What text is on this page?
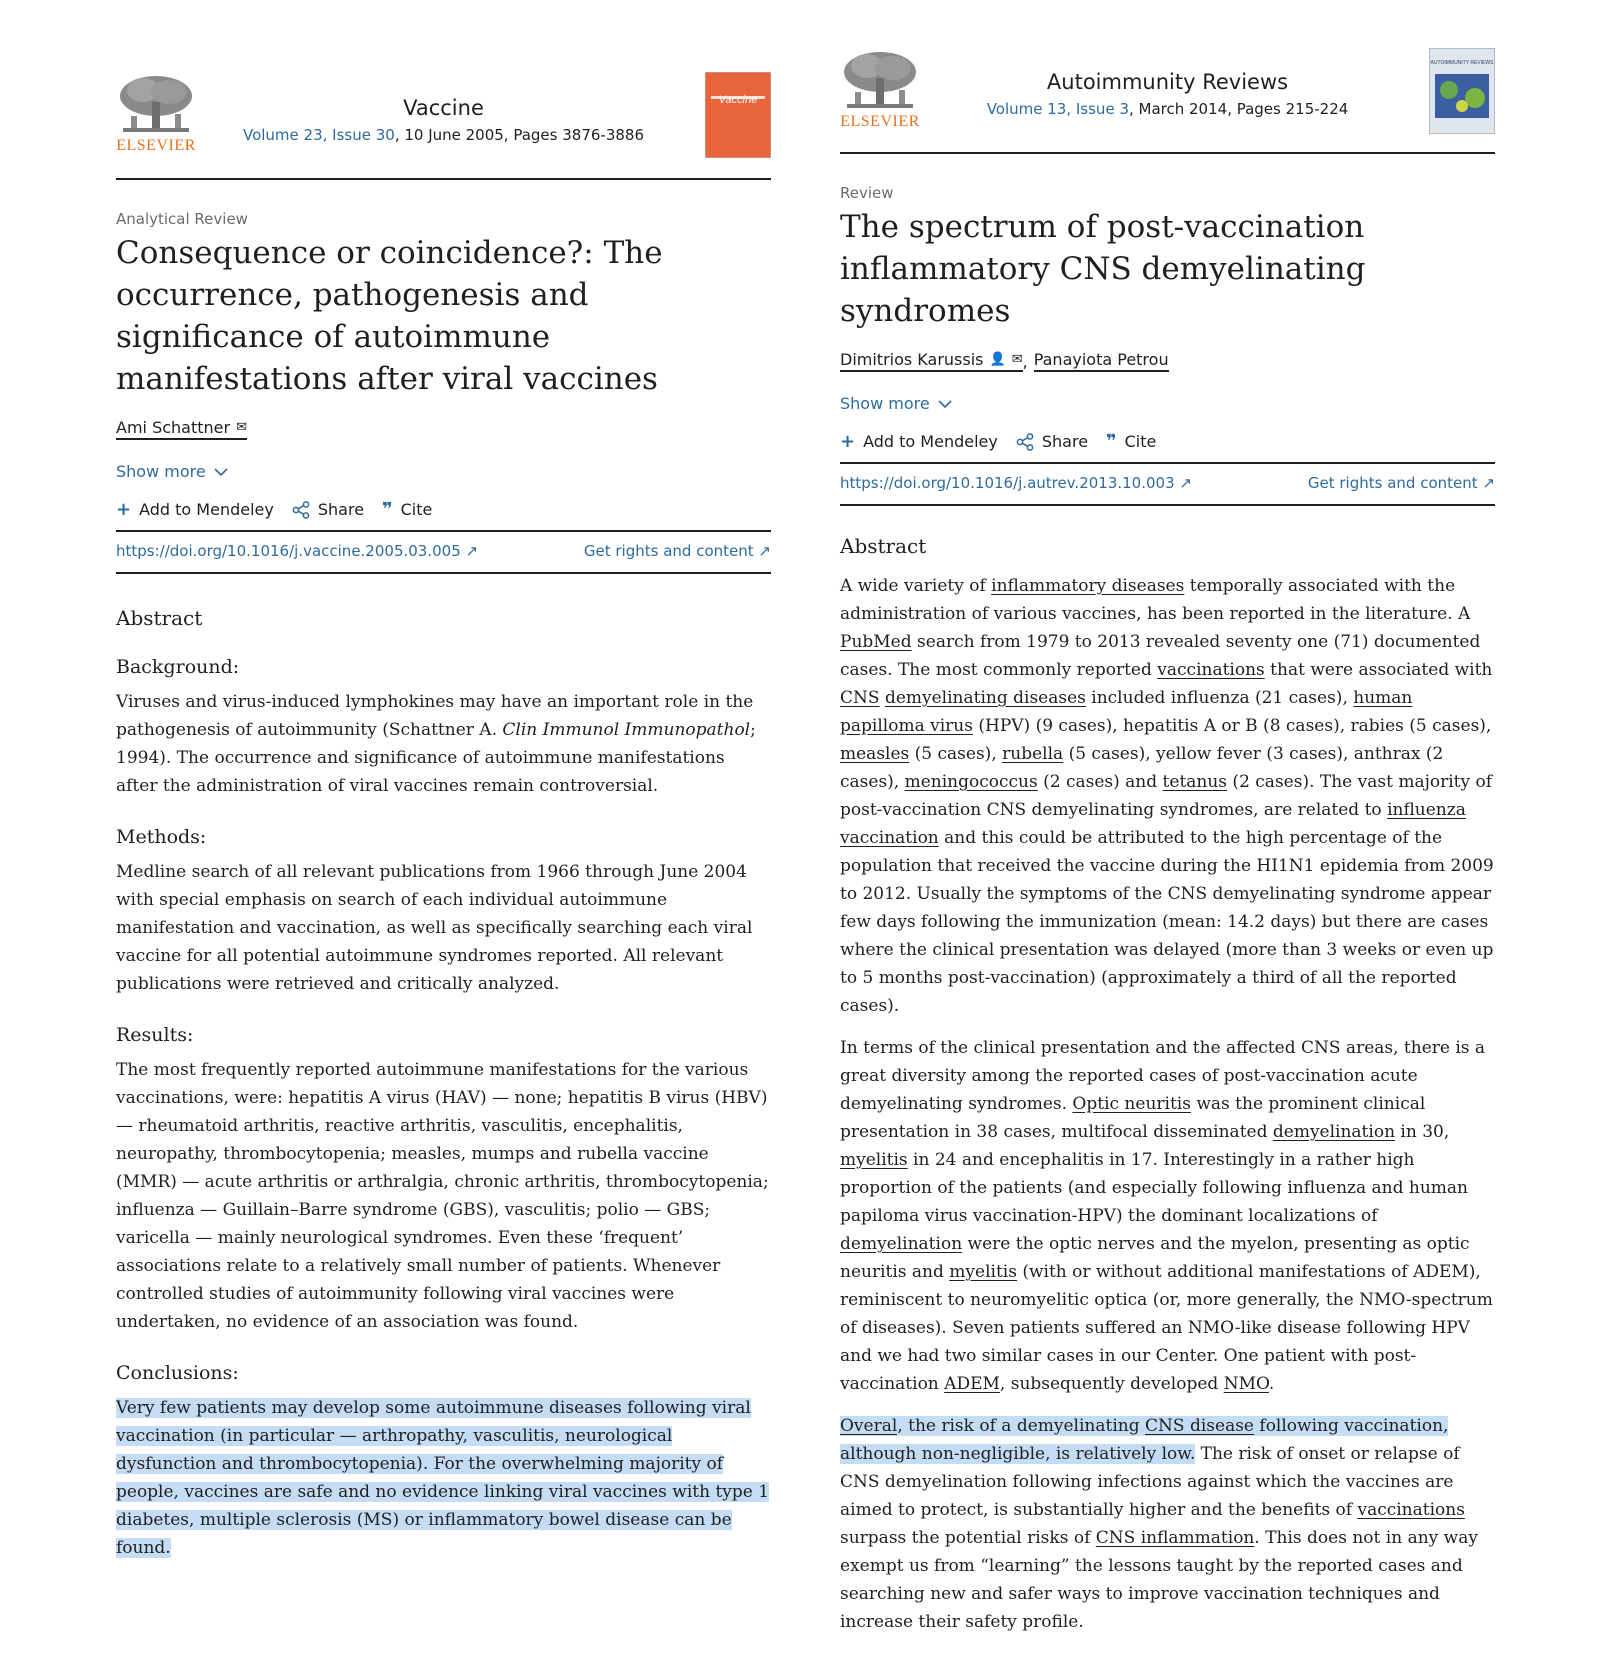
ELSEVIER
Vaccine
Volume 23, Issue 30, 10 June 2005, Pages 3876-3886
Vaccine
Analytical Review
Consequence or coincidence?: The occurrence, pathogenesis and significance of autoimmune manifestations after viral vaccines
Ami Schattner ✉
Show more
+ Add to Mendeley	Share ❞ Cite
https://doi.org/10.1016/j.vaccine.2005.03.005 ↗	Get rights and content ↗
Abstract
Background:

Viruses and virus-induced lymphokines may have an important role in the pathogenesis of autoimmunity (Schattner A. Clin Immunol Immunopathol; 1994). The occurrence and significance of autoimmune manifestations after the administration of viral vaccines remain controversial.

Methods:

Medline search of all relevant publications from 1966 through June 2004 with special emphasis on search of each individual autoimmune manifestation and vaccination, as well as specifically searching each viral vaccine for all potential autoimmune syndromes reported. All relevant publications were retrieved and critically analyzed.

Results:

The most frequently reported autoimmune manifestations for the various vaccinations, were: hepatitis A virus (HAV) — none; hepatitis B virus (HBV) — rheumatoid arthritis, reactive arthritis, vasculitis, encephalitis, neuropathy, thrombocytopenia; measles, mumps and rubella vaccine (MMR) — acute arthritis or arthralgia, chronic arthritis, thrombocytopenia; influenza — Guillain–Barre syndrome (GBS), vasculitis; polio — GBS; varicella — mainly neurological syndromes. Even these ‘frequent’ associations relate to a relatively small number of patients. Whenever controlled studies of autoimmunity following viral vaccines were undertaken, no evidence of an association was found.

Conclusions:

Very few patients may develop some autoimmune diseases following viral vaccination (in particular — arthropathy, vasculitis, neurological dysfunction and thrombocytopenia). For the overwhelming majority of people, vaccines are safe and no evidence linking viral vaccines with type 1 diabetes, multiple sclerosis (MS) or inflammatory bowel disease can be found.

ELSEVIER
Autoimmunity Reviews
Volume 13, Issue 3, March 2014, Pages 215-224
AUTOIMMUNITY REVIEWS
Review
The spectrum of post-vaccination inflammatory CNS demyelinating syndromes
Dimitrios Karussis 👤 ✉ , Panayiota Petrou
Show more
+ Add to Mendeley	Share ❞ Cite
https://doi.org/10.1016/j.autrev.2013.10.003 ↗	Get rights and content ↗
Abstract

A wide variety of inflammatory diseases temporally associated with the administration of various vaccines, has been reported in the literature. A PubMed search from 1979 to 2013 revealed seventy one (71) documented cases. The most commonly reported vaccinations that were associated with CNS demyelinating diseases included influenza (21 cases), human papilloma virus (HPV) (9 cases), hepatitis A or B (8 cases), rabies (5 cases), measles (5 cases), rubella (5 cases), yellow fever (3 cases), anthrax (2 cases), meningococcus (2 cases) and tetanus (2 cases). The vast majority of post-vaccination CNS demyelinating syndromes, are related to influenza vaccination and this could be attributed to the high percentage of the population that received the vaccine during the HI1N1 epidemia from 2009 to 2012. Usually the symptoms of the CNS demyelinating syndrome appear few days following the immunization (mean: 14.2 days) but there are cases where the clinical presentation was delayed (more than 3 weeks or even up to 5 months post-vaccination) (approximately a third of all the reported cases).

In terms of the clinical presentation and the affected CNS areas, there is a great diversity among the reported cases of post-vaccination acute demyelinating syndromes. Optic neuritis was the prominent clinical presentation in 38 cases, multifocal disseminated demyelination in 30, myelitis in 24 and encephalitis in 17. Interestingly in a rather high proportion of the patients (and especially following influenza and human papiloma virus vaccination-HPV) the dominant localizations of demyelination were the optic nerves and the myelon, presenting as optic neuritis and myelitis (with or without additional manifestations of ADEM), reminiscent to neuromyelitic optica (or, more generally, the NMO-spectrum of diseases). Seven patients suffered an NMO-like disease following HPV and we had two similar cases in our Center. One patient with post-vaccination ADEM, subsequently developed NMO.

Overal, the risk of a demyelinating CNS disease following vaccination, although non-negligible, is relatively low. The risk of onset or relapse of CNS demyelination following infections against which the vaccines are aimed to protect, is substantially higher and the benefits of vaccinations surpass the potential risks of CNS inflammation. This does not in any way exempt us from “learning” the lessons taught by the reported cases and searching new and safer ways to improve vaccination techniques and increase their safety profile.
